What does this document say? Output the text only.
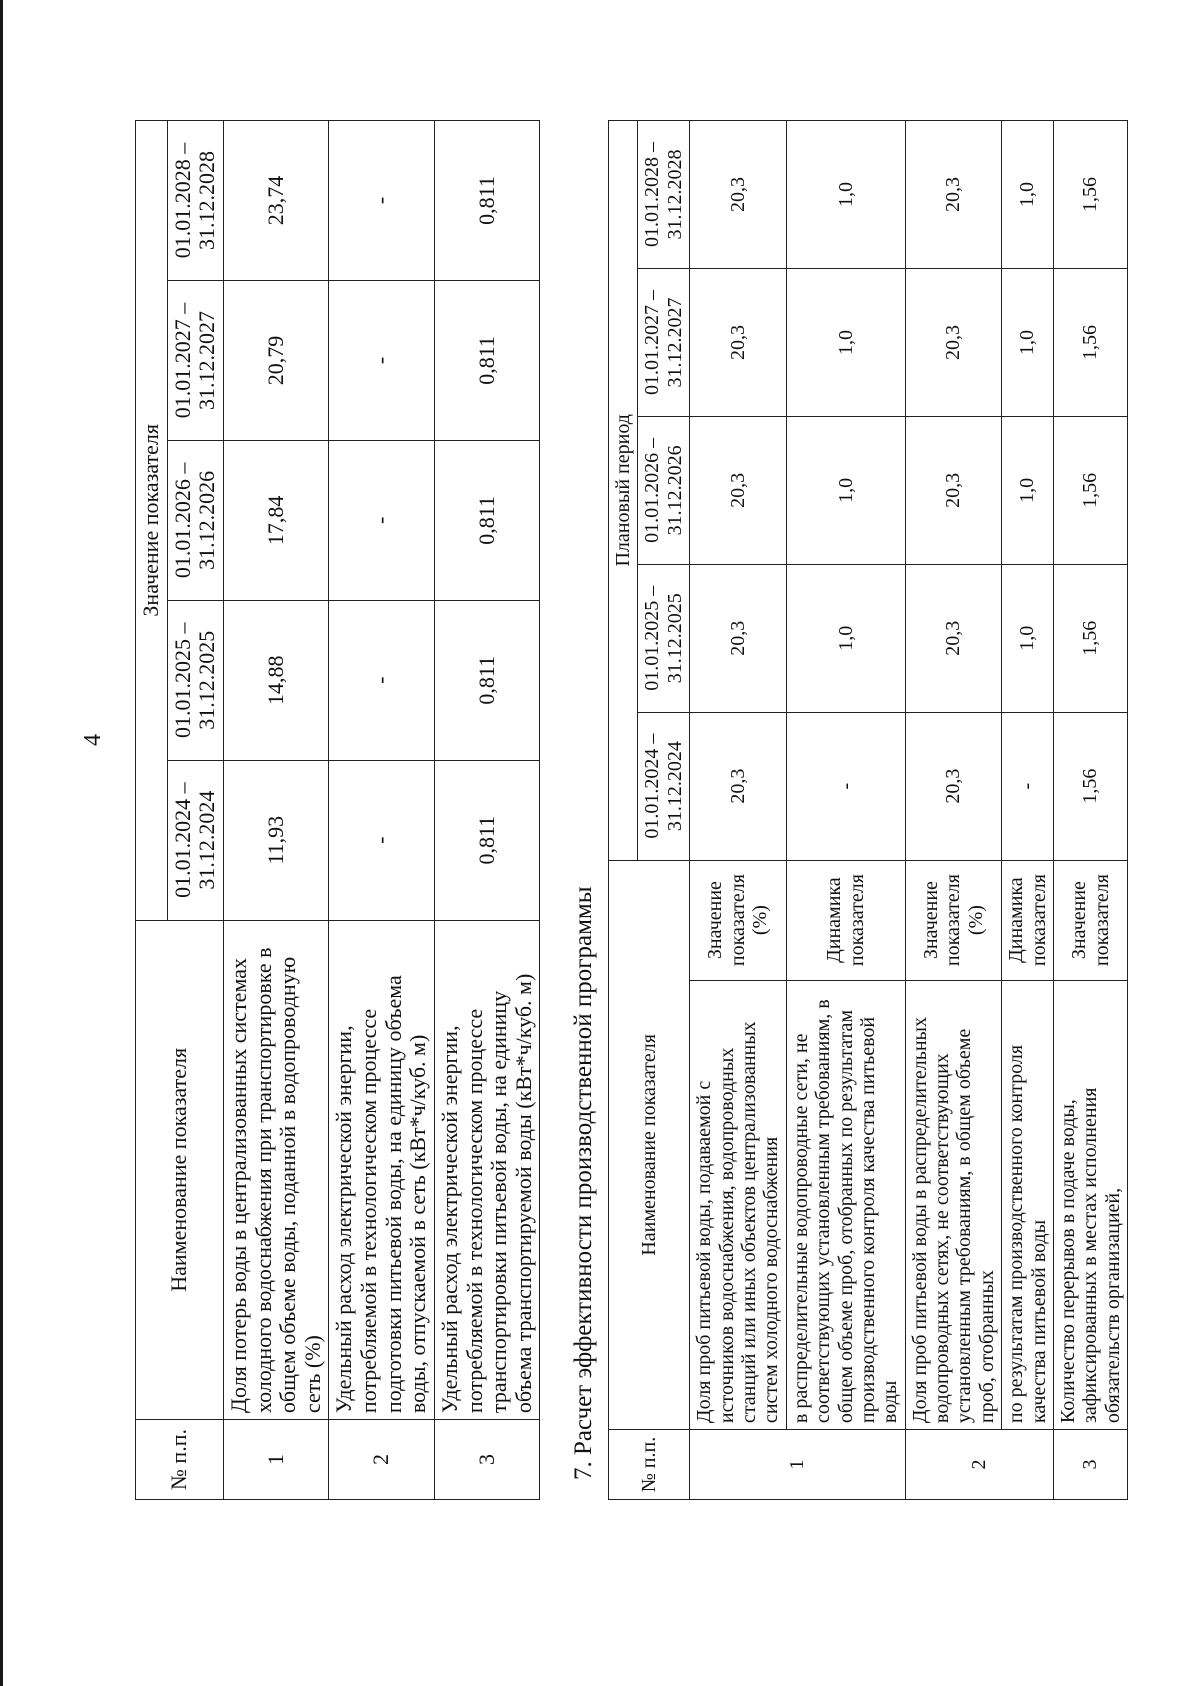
4
№ п.п.	Наименование показателя	Значение показателя				
		01.01.2024 – 31.12.2024	01.01.2025 – 31.12.2025	01.01.2026 – 31.12.2026	01.01.2027 – 31.12.2027	01.01.2028 – 31.12.2028
1	Доля потерь воды в централизованных системах холодного водоснабжения при транспортировке в общем объеме воды, поданной в водопроводную сеть (%)	11,93	14,88	17,84	20,79	23,74
2	Удельный расход электрической энергии, потребляемой в технологическом процессе подготовки питьевой воды, на единицу объема воды, отпускаемой в сеть (кВт*ч/куб. м)	-	-	-	-	-
3	Удельный расход электрической энергии, потребляемой в технологическом процессе транспортировки питьевой воды, на единицу объема транспортируемой воды (кВт*ч/куб. м)	0,811	0,811	0,811	0,811	0,811
7. Расчет эффективности производственной программы № п.п.	Наименование показателя		Плановый период				
			01.01.2024 – 31.12.2024	01.01.2025 – 31.12.2025	01.01.2026 – 31.12.2026	01.01.2027 – 31.12.2027	01.01.2028 – 31.12.2028
1	Доля проб питьевой воды, подаваемой с источников водоснабжения, водопроводных станций или иных объектов централизованных систем холодного водоснабжения	Значение показателя (%)	20,3	20,3	20,3	20,3	20,3
	в распределительные водопроводные сети, не соответствующих установленным требованиям, в общем объеме проб, отобранных по результатам производственного контроля качества питьевой воды	Динамика показателя	-	1,0	1,0	1,0	1,0
2	Доля проб питьевой воды в распределительных водопроводных сетях, не соответствующих установленным требованиям, в общем объеме проб, отобранных	Значение показателя (%)	20,3	20,3	20,3	20,3	20,3
	по результатам производственного контроля качества питьевой воды	Динамика показателя	-	1,0	1,0	1,0	1,0
3	Количество перерывов в подаче воды, зафиксированных в местах исполнения обязательств организацией,	Значение показателя	1,56	1,56	1,56	1,56	1,56
